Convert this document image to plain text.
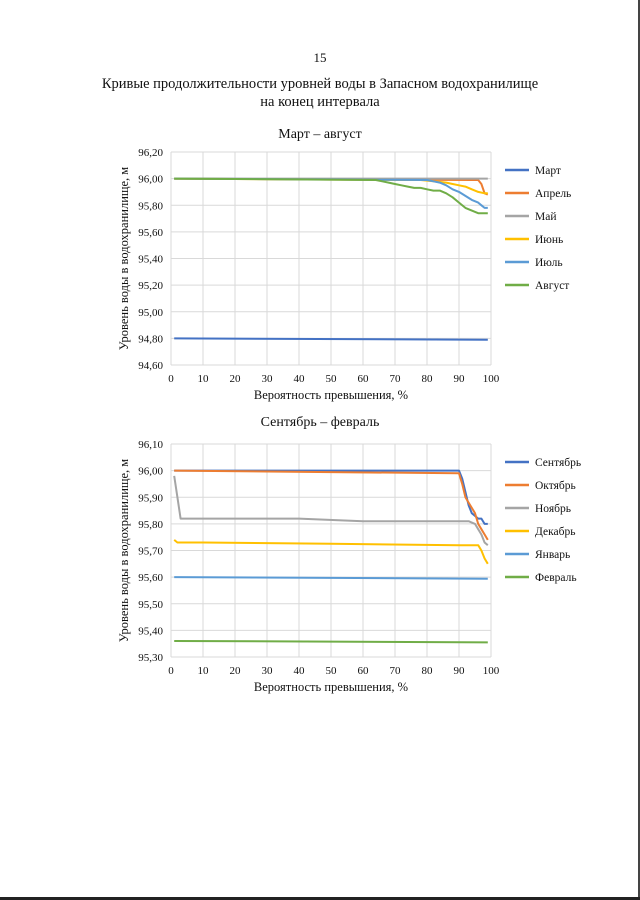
15
Кривые продолжительности уровней воды в Запасном водохранилище
на конец интервала
Март – август
94,60
94,80
95,00
95,20
95,40
95,60
95,80
96,00
96,20
0 10 20 30 40 50 60 70 80 90 100
Вероятность превышения, %
Уровень воды в водохранилище, м	Март
Апрель
Май
Июнь
Июль
Август
Сентябрь – февраль
95,30
95,40
95,50
95,60
95,70
95,80
95,90
96,00
96,10
0 10 20 30 40 50 60 70 80 90 100
Вероятность превышения, %
Уровень воды в водохранилище, м	Сентябрь
Октябрь
Ноябрь
Декабрь
Январь
Февраль
